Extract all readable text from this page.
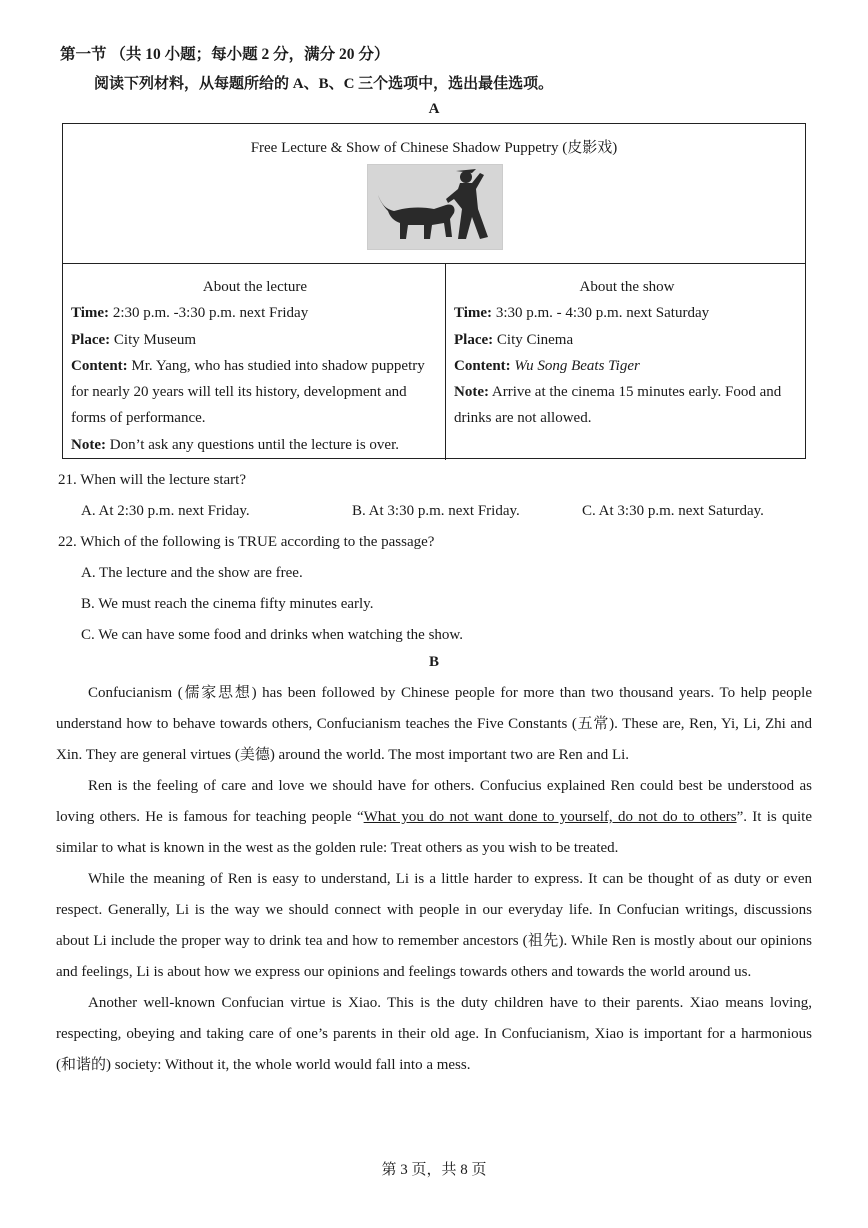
第一节 （共 10 小题；每小题 2 分，满分 20 分）
阅读下列材料，从每题所给的 A、B、C 三个选项中，选出最佳选项。
A
Free Lecture & Show of Chinese Shadow Puppetry (皮影戏)
About the lecture
Time: 2:30 p.m. -3:30 p.m. next Friday
Place: City Museum
Content: Mr. Yang, who has studied into shadow puppetry for nearly 20 years will tell its history, development and forms of performance.
Note: Don’t ask any questions until the lecture is over.
About the show
Time: 3:30 p.m. - 4:30 p.m. next Saturday
Place: City Cinema
Content: Wu Song Beats Tiger
Note: Arrive at the cinema 15 minutes early. Food and drinks are not allowed.
21. When will the lecture start?
A. At 2:30 p.m. next Friday.	B. At 3:30 p.m. next Friday.	C. At 3:30 p.m. next Saturday.
22. Which of the following is TRUE according to the passage?
A. The lecture and the show are free.
B. We must reach the cinema fifty minutes early.
C. We can have some food and drinks when watching the show.
B

Confucianism (儒家思想) has been followed by Chinese people for more than two thousand years. To help people understand how to behave towards others, Confucianism teaches the Five Constants (五常). These are, Ren, Yi, Li, Zhi and Xin. They are general virtues (美德) around the world. The most important two are Ren and Li.

Ren is the feeling of care and love we should have for others. Confucius explained Ren could best be understood as loving others. He is famous for teaching people “What you do not want done to yourself, do not do to others”. It is quite similar to what is known in the west as the golden rule: Treat others as you wish to be treated.

While the meaning of Ren is easy to understand, Li is a little harder to express. It can be thought of as duty or even respect. Generally, Li is the way we should connect with people in our everyday life. In Confucian writings, discussions about Li include the proper way to drink tea and how to remember ancestors (祖先). While Ren is mostly about our opinions and feelings, Li is about how we express our opinions and feelings towards others and towards the world around us.

Another well-known Confucian virtue is Xiao. This is the duty children have to their parents. Xiao means loving, respecting, obeying and taking care of one’s parents in their old age. In Confucianism, Xiao is important for a harmonious (和谐的) society: Without it, the whole world would fall into a mess.

第 3 页，共 8 页
